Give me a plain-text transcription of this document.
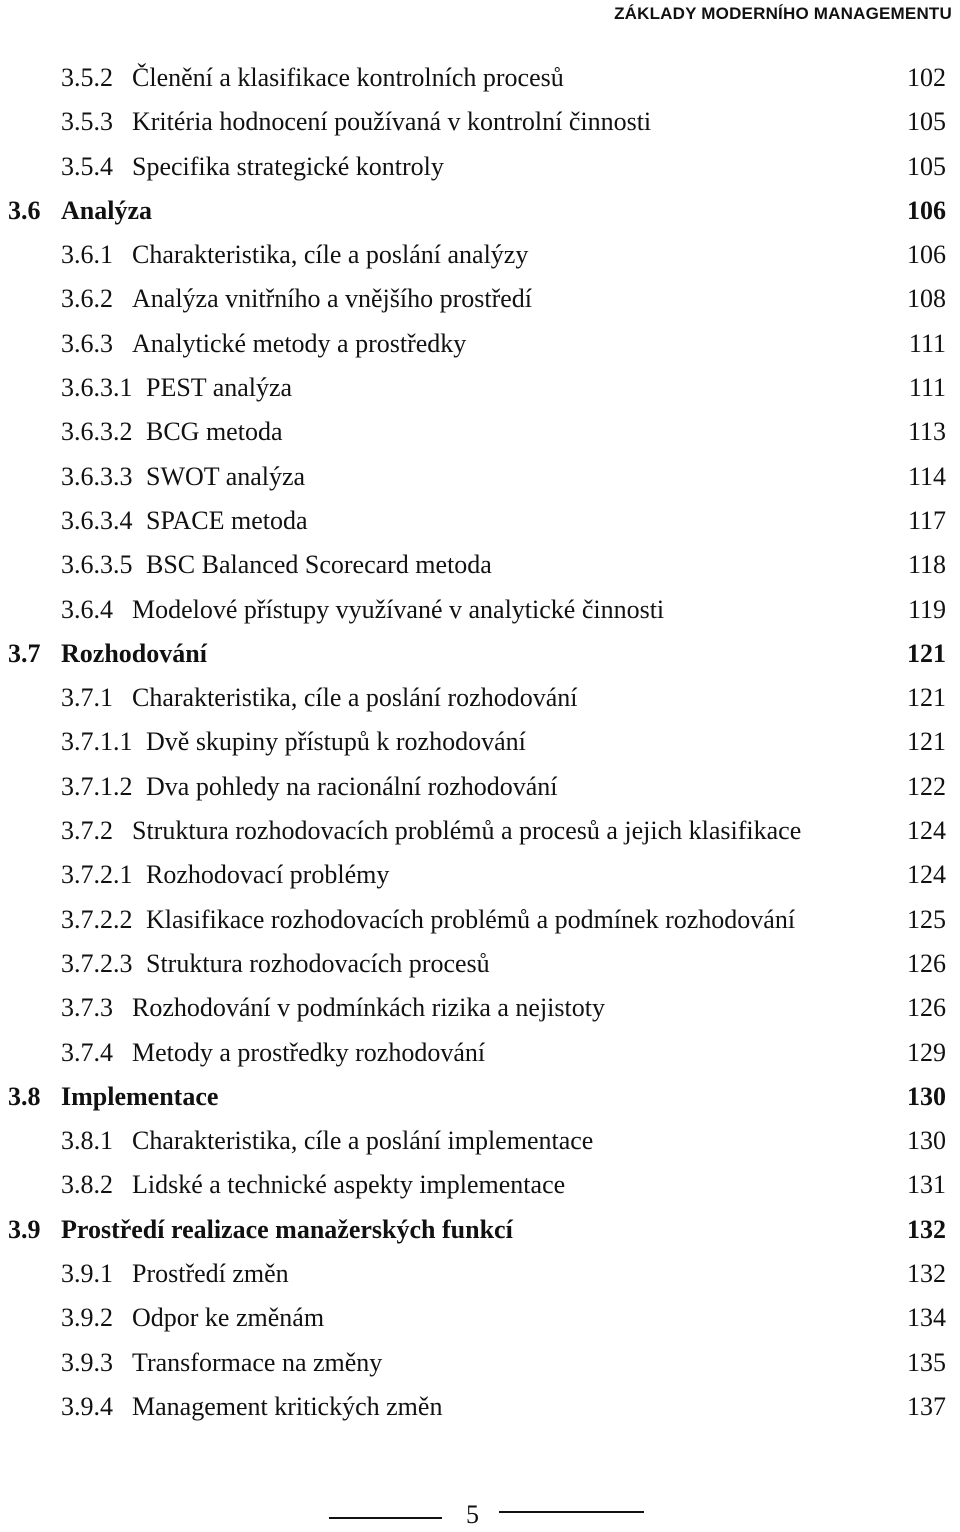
ZÁKLADY MODERNÍHO MANAGEMENTU
3.5.2 Členění a klasifikace kontrolních procesů	102
3.5.3 Kritéria hodnocení používaná v kontrolní činnosti	105
3.5.4 Specifika strategické kontroly	105
3.6 Analýza	106
3.6.1 Charakteristika, cíle a poslání analýzy	106
3.6.2 Analýza vnitřního a vnějšího prostředí	108
3.6.3 Analytické metody a prostředky	111
3.6.3.1 PEST analýza	111
3.6.3.2 BCG metoda	113
3.6.3.3 SWOT analýza	114
3.6.3.4 SPACE metoda	117
3.6.3.5 BSC Balanced Scorecard metoda	118
3.6.4 Modelové přístupy využívané v analytické činnosti	119
3.7 Rozhodování	121
3.7.1 Charakteristika, cíle a poslání rozhodování	121
3.7.1.1 Dvě skupiny přístupů k rozhodování	121
3.7.1.2 Dva pohledy na racionální rozhodování	122
3.7.2 Struktura rozhodovacích problémů a procesů a jejich klasifikace	124
3.7.2.1 Rozhodovací problémy	124
3.7.2.2 Klasifikace rozhodovacích problémů a podmínek rozhodování	125
3.7.2.3 Struktura rozhodovacích procesů	126
3.7.3 Rozhodování v podmínkách rizika a nejistoty	126
3.7.4 Metody a prostředky rozhodování	129
3.8 Implementace	130
3.8.1 Charakteristika, cíle a poslání implementace	130
3.8.2 Lidské a technické aspekty implementace	131
3.9 Prostředí realizace manažerských funkcí	132
3.9.1 Prostředí změn	132
3.9.2 Odpor ke změnám	134
3.9.3 Transformace na změny	135
3.9.4 Management kritických změn	137
5
